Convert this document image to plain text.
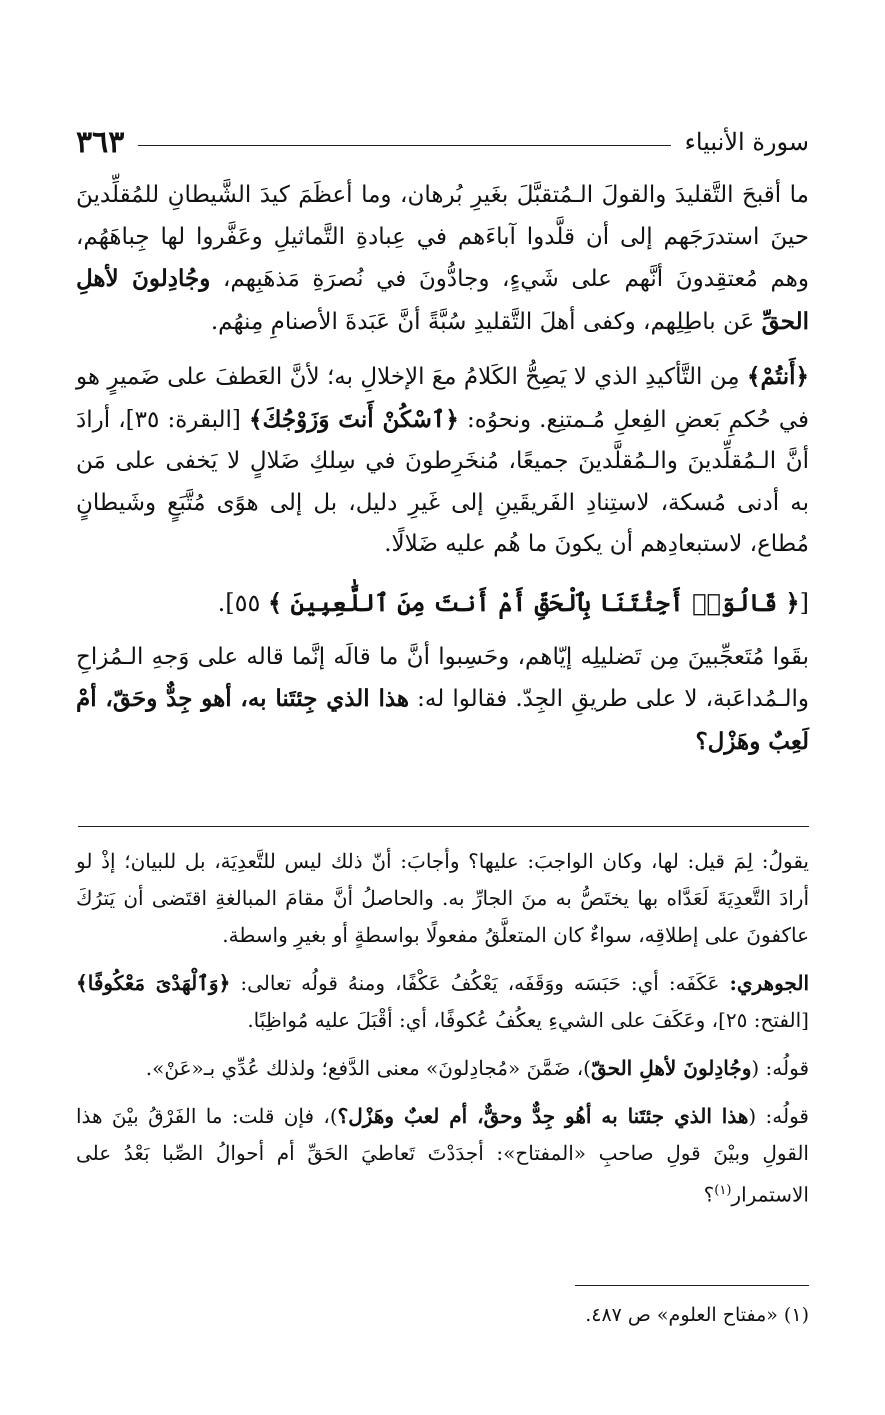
سورة الأنبياء
٣٦٣

ما أقبحَ التَّقليدَ والقولَ الـمُتقبَّلَ بغَيرِ بُرهان، وما أعظَمَ كيدَ الشَّيطانِ للمُقلِّدينَ حينَ استدرَجَهم إلى أن قلَّدوا آباءَهم في عِبادةِ التَّماثيلِ وعَفَّروا لها جِباهَهُم، وهم مُعتقِدونَ أنَّهم على شَيءٍ، وجادُّونَ في نُصرَةِ مَذهَبِهم، وجُادِلونَ لأهلِ الحقِّ عَن باطِلِهم، وكفى أهلَ التَّقليدِ سُبَّةً أنَّ عَبَدةَ الأصنامِ مِنهُم.

﴿أَنتُمْ﴾ مِن التَّأكيدِ الذي لا يَصِحُّ الكَلامُ معَ الإخلالِ به؛ لأنَّ العَطفَ على ضَميرٍ هو في حُكمِ بَعضِ الفِعلِ مُـمتنِع. ونحوُه: ﴿ٱسْكُنْ أَنتَ وَزَوْجُكَ﴾ [البقرة: ٣٥]، أرادَ أنَّ الـمُقلِّدينَ والـمُقلَّدينَ جميعًا، مُنخَرِطونَ في سِلكِ ضَلالٍ لا يَخفى على مَن به أدنى مُسكة، لاستِنادِ الفَريقَينِ إلى غَيرِ دليل، بل إلى هوًى مُتَّبَعٍ وشَيطانٍ مُطاع، لاستبعادِهم أن يكونَ ما هُم عليه ضَلالًا.

[﴿ قَالُوٓا۟ أَجِئْتَنَا بِٱلْحَقِّ أَمْ أَنتَ مِنَ ٱللَّٰعِبِينَ ﴾ ٥٥].

بقَوا مُتَعجِّبينَ مِن تَضليلِه إيّاهم، وحَسِبوا أنَّ ما قالَه إنَّما قاله على وَجهِ الـمُزاحِ والـمُداعَبة، لا على طريقِ الجِدّ. فقالوا له: هذا الذي جِئتَنا به، أهو جِدٌّ وحَقّ، أمْ لَعِبٌ وهَزْل؟

يقولُ: لِمَ قيل: لها، وكان الواجبَ: عليها؟ وأجابَ: أنّ ذلك ليس للتَّعدِيَة، بل للبيان؛ إذْ لو أرادَ التَّعدِيَةَ لَعَدَّاه بها يختَصُّ به منَ الجارِّ به. والحاصلُ أنَّ مقامَ المبالغةِ اقتَضى أن يَترُكَ عاكفونَ على إطلاقِه، سواءٌ كان المتعلَّقُ مفعولًا بواسطةٍ أو بغيرِ واسطة.

الجوهري: عَكَفَه: أي: حَبَسَه ووَقَفَه، يَعْكُفُ عَكْفًا، ومنهُ قولُه تعالى: ﴿وَٱلْهَدْىَ مَعْكُوفًا﴾ [الفتح: ٢٥]، وعَكَفَ على الشيءِ يعكُفُ عُكوفًا، أي: أقْبَلَ عليه مُواظِبًا.

قولُه: (وجُادِلونَ لأهلِ الحقّ)، ضَمَّنَ «مُجادِلونَ» معنى الدَّفع؛ ولذلك عُدِّي بـ«عَنْ».

قولُه: (هذا الذي جئتَنا به أهُو جِدٌّ وحقٌّ، أم لعبٌ وهَزْل؟)، فإن قلت: ما الفَرْقُ بيْنَ هذا القولِ وبيْنَ قولِ صاحبِ «المفتاح»: أجدَدْتَ تَعاطيَ الحَقِّ أم أحوالُ الصِّبا بَعْدُ على الاستمرار$^{(١)}$؟

(١) «مفتاح العلوم» ص ٤٨٧.
